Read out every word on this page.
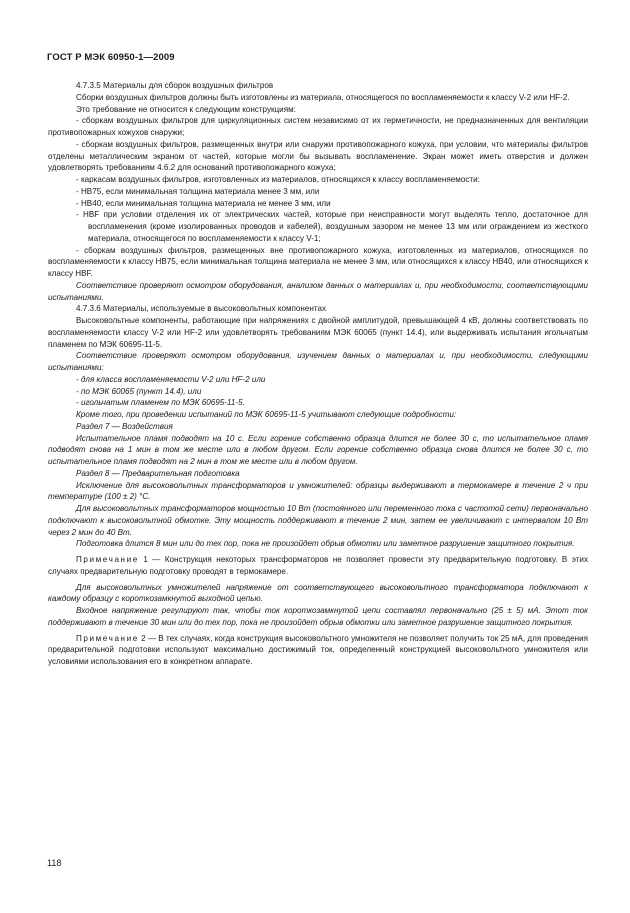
ГОСТ Р МЭК 60950-1—2009

4.7.3.5 Материалы для сборок воздушных фильтров

Сборки воздушных фильтров должны быть изготовлены из материала, относящегося по воспламеняемости к классу V-2 или HF-2.

Это требование не относится к следующим конструкциям:

- сборкам воздушных фильтров для циркуляционных систем независимо от их герметичности, не предназначенных для вентиляции противопожарных кожухов снаружи;

- сборкам воздушных фильтров, размещенных внутри или снаружи противопожарного кожуха, при условии, что материалы фильтров отделены металлическим экраном от частей, которые могли бы вызывать воспламенение. Экран может иметь отверстия и должен удовлетворять требованиям 4.6.2 для оснований противопожарного кожуха;

- каркасам воздушных фильтров, изготовленных из материалов, относящихся к классу воспламеняемости:

- HB75, если минимальная толщина материала менее 3 мм, или

- HB40, если минимальная толщина материала не менее 3 мм, или

- HBF при условии отделения их от электрических частей, которые при неисправности могут выделять тепло, достаточное для воспламенения (кроме изолированных проводов и кабелей), воздушным зазором не менее 13 мм или ограждением из жесткого материала, относящегося по воспламеняемости к классу V-1;

- сборкам воздушных фильтров, размещенных вне противопожарного кожуха, изготовленных из материалов, относящихся по воспламеняемости к классу HB75, если минимальная толщина материала не менее 3 мм, или относящихся к классу HB40, или относящихся к классу HBF.

Соответствие проверяют осмотром оборудования, анализом данных о материалах и, при необходимости, соответствующими испытаниями.

4.7.3.6 Материалы, используемые в высоковольтных компонентах

Высоковольтные компоненты, работающие при напряжениях с двойной амплитудой, превышающей 4 кВ, должны соответствовать по воспламеняемости классу V-2 или HF-2 или удовлетворять требованиям МЭК 60065 (пункт 14.4), или выдерживать испытания игольчатым пламенем по МЭК 60695-11-5.

Соответствие проверяют осмотром оборудования, изучением данных о материалах и, при необходимости, следующими испытаниями:

- для класса воспламеняемости V-2 или HF-2 или

- по МЭК 60065 (пункт 14.4), или

- игольчатым пламенем по МЭК 60695-11-5.

Кроме того, при проведении испытаний по МЭК 60695-11-5 учитывают следующие подробности:

Раздел 7 — Воздействия

Испытательное пламя подводят на 10 с. Если горение собственно образца длится не более 30 с, то испытательное пламя подводят снова на 1 мин в том же месте или в любом другом. Если горение собственно образца снова длится не более 30 с, то испытательное пламя подводят на 2 мин в том же месте или в любом другом.

Раздел 8 — Предварительная подготовка

Исключение для высоковольтных трансформаторов и умножителей: образцы выдерживают в термокамере в течение 2 ч при температуре (100 ± 2) °С.

Для высоковольтных трансформаторов мощностью 10 Вт (постоянного или переменного тока с частотой сети) первоначально подключают к высоковольтной обмотке. Эту мощность поддерживают в течение 2 мин, затем ее увеличивают с интервалом 10 Вт через 2 мин до 40 Вт.

Подготовка длится 8 мин или до тех пор, пока не произойдет обрыв обмотки или заметное разрушение защитного покрытия.

Примечание 1 — Конструкция некоторых трансформаторов не позволяет провести эту предварительную подготовку. В этих случаях предварительную подготовку проводят в термокамере.

Для высоковольтных умножителей напряжение от соответствующего высоковольтного трансформатора подключают к каждому образцу с короткозамкнутой выходной цепью.

Входное напряжение регулируют так, чтобы ток короткозамкнутой цепи составлял первоначально (25 ± 5) мА. Этот ток поддерживают в течение 30 мин или до тех пор, пока не произойдет обрыв обмотки или заметное разрушение защитного покрытия.

Примечание 2 — В тех случаях, когда конструкция высоковольтного умножителя не позволяет получить ток 25 мА, для проведения предварительной подготовки используют максимально достижимый ток, определенный конструкцией высоковольтного умножителя или условиями использования его в конкретном аппарате.

118
